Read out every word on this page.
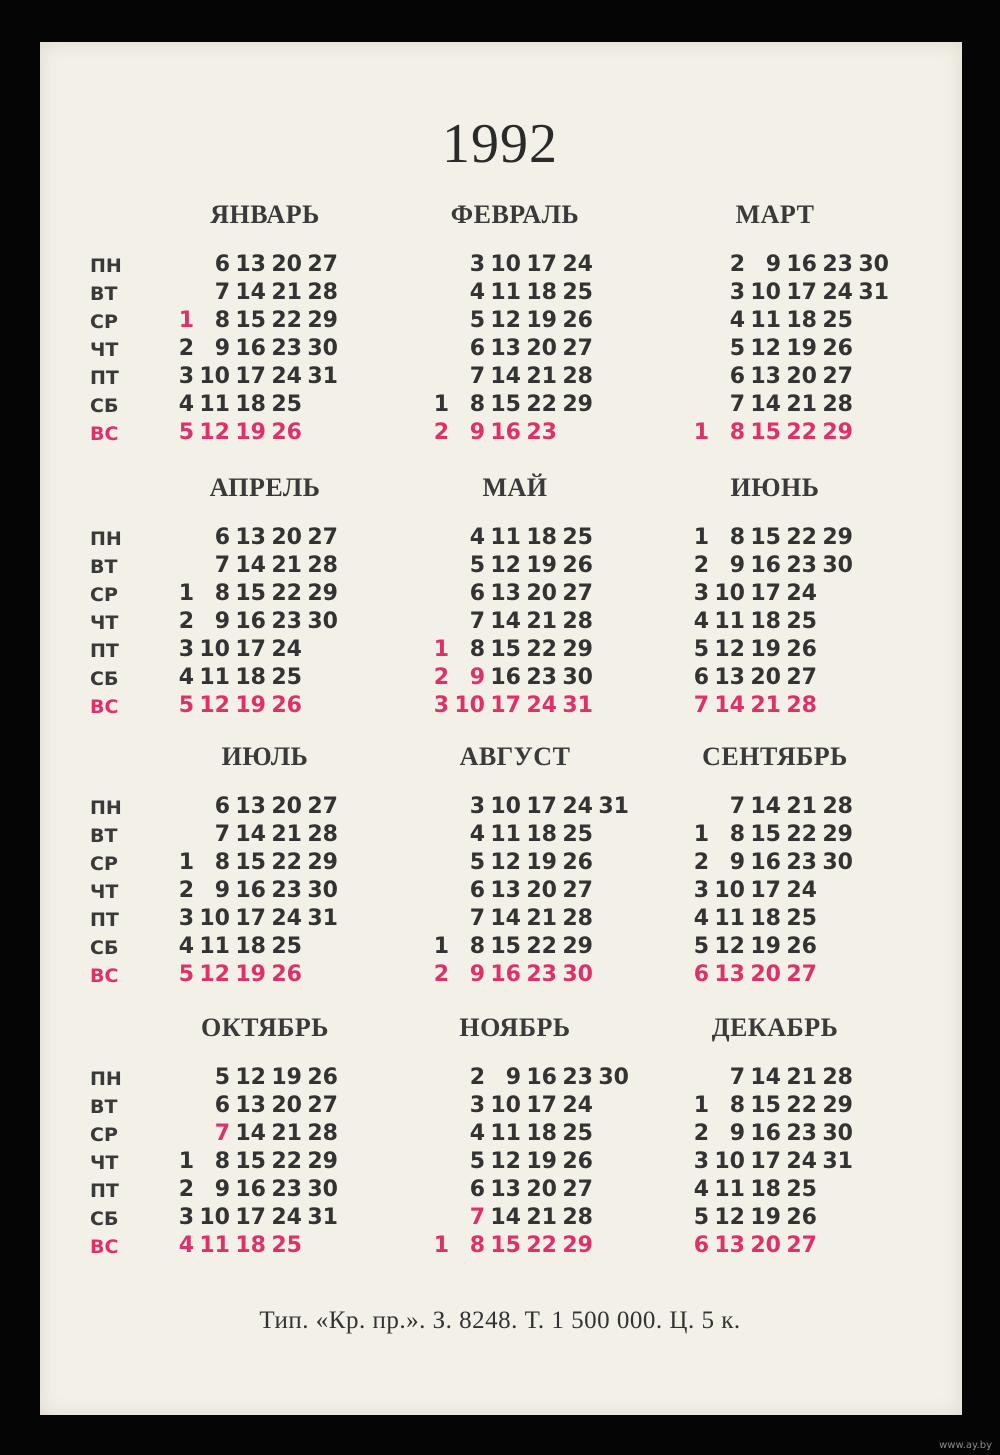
1992
ЯНВАРЬ
ПН
ВТ
СР
ЧТ
ПТ
СБ
ВС
1
2
3
4
5
6
7
8
9
10
11
12
13
14
15
16
17
18
19
20
21
22
23
24
25
26
27
28
29
30
31
ФЕВРАЛЬ
1
2
3
4
5
6
7
8
9
10
11
12
13
14
15
16
17
18
19
20
21
22
23
24
25
26
27
28
29
МАРТ
1
2
3
4
5
6
7
8
9
10
11
12
13
14
15
16
17
18
19
20
21
22
23
24
25
26
27
28
29
30
31
АПРЕЛЬ
ПН
ВТ
СР
ЧТ
ПТ
СБ
ВС
1
2
3
4
5
6
7
8
9
10
11
12
13
14
15
16
17
18
19
20
21
22
23
24
25
26
27
28
29
30
МАЙ
1
2
3
4
5
6
7
8
9
10
11
12
13
14
15
16
17
18
19
20
21
22
23
24
25
26
27
28
29
30
31
ИЮНЬ
1
2
3
4
5
6
7
8
9
10
11
12
13
14
15
16
17
18
19
20
21
22
23
24
25
26
27
28
29
30
ИЮЛЬ
ПН
ВТ
СР
ЧТ
ПТ
СБ
ВС
1
2
3
4
5
6
7
8
9
10
11
12
13
14
15
16
17
18
19
20
21
22
23
24
25
26
27
28
29
30
31
АВГУСТ
1
2
3
4
5
6
7
8
9
10
11
12
13
14
15
16
17
18
19
20
21
22
23
24
25
26
27
28
29
30
31
СЕНТЯБРЬ
1
2
3
4
5
6
7
8
9
10
11
12
13
14
15
16
17
18
19
20
21
22
23
24
25
26
27
28
29
30
ОКТЯБРЬ
ПН
ВТ
СР
ЧТ
ПТ
СБ
ВС
1
2
3
4
5
6
7
8
9
10
11
12
13
14
15
16
17
18
19
20
21
22
23
24
25
26
27
28
29
30
31
НОЯБРЬ
1
2
3
4
5
6
7
8
9
10
11
12
13
14
15
16
17
18
19
20
21
22
23
24
25
26
27
28
29
30
ДЕКАБРЬ
1
2
3
4
5
6
7
8
9
10
11
12
13
14
15
16
17
18
19
20
21
22
23
24
25
26
27
28
29
30
31
Тип. «Кр. пр.». З. 8248. Т. 1 500 000. Ц. 5 к.
www.ay.by
